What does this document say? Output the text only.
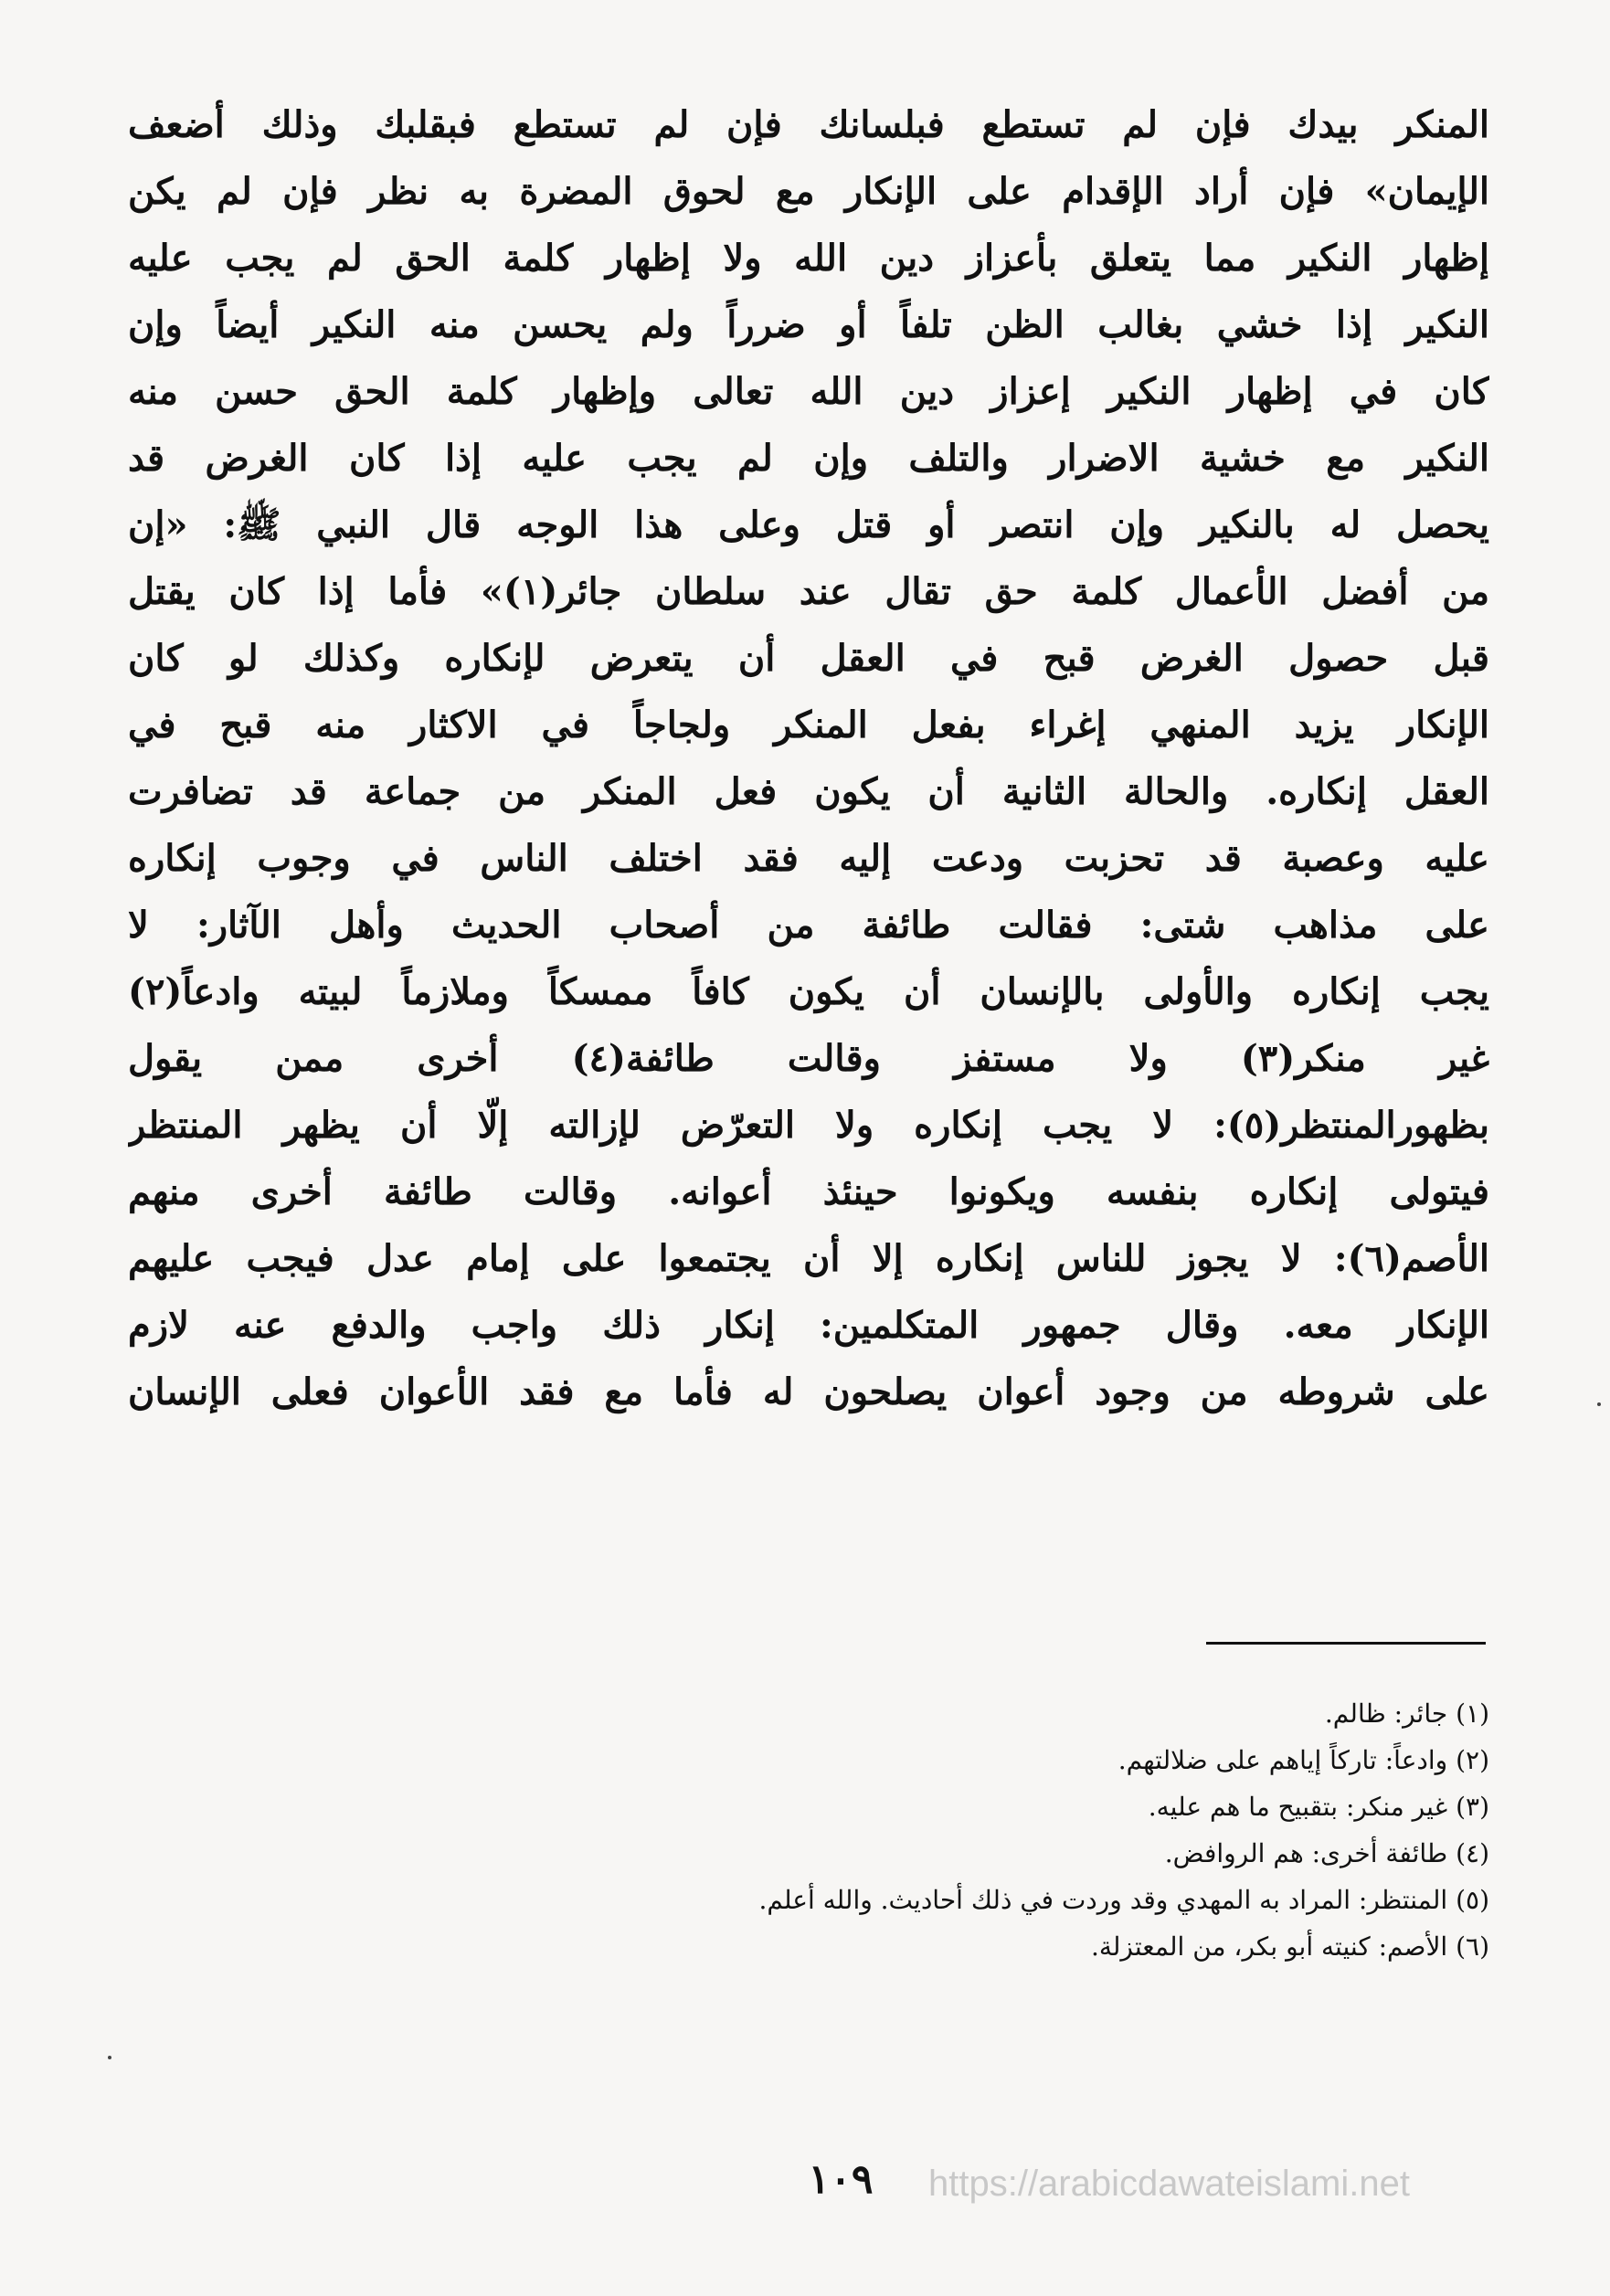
المنكر بيدك فإن لم تستطع فبلسانك فإن لم تستطع فبقلبك وذلك أضعف
الإيمان» فإن أراد الإقدام على الإنكار مع لحوق المضرة به نظر فإن لم يكن
إظهار النكير مما يتعلق بأعزاز دين الله ولا إظهار كلمة الحق لم يجب عليه
النكير إذا خشي بغالب الظن تلفاً أو ضرراً ولم يحسن منه النكير أيضاً وإن
كان في إظهار النكير إعزاز دين الله تعالى وإظهار كلمة الحق حسن منه
النكير مع خشية الاضرار والتلف وإن لم يجب عليه إذا كان الغرض قد
يحصل له بالنكير وإن انتصر أو قتل وعلى هذا الوجه قال النبي ﷺ: «إن
من أفضل الأعمال كلمة حق تقال عند سلطان جائر(١)» فأما إذا كان يقتل
قبل حصول الغرض قبح في العقل أن يتعرض لإنكاره وكذلك لو كان
الإنكار يزيد المنهي إغراء بفعل المنكر ولجاجاً في الاكثار منه قبح في
العقل إنكاره. والحالة الثانية أن يكون فعل المنكر من جماعة قد تضافرت
عليه وعصبة قد تحزبت ودعت إليه فقد اختلف الناس في وجوب إنكاره
على مذاهب شتى: فقالت طائفة من أصحاب الحديث وأهل الآثار: لا
يجب إنكاره والأولى بالإنسان أن يكون كافاً ممسكاً وملازماً لبيته وادعاً(٢)
غير منكر(٣) ولا مستفز وقالت طائفة(٤) أخرى ممن يقول
بظهورالمنتظر(٥): لا يجب إنكاره ولا التعرّض لإزالته إلّا أن يظهر المنتظر
فيتولى إنكاره بنفسه ويكونوا حينئذ أعوانه. وقالت طائفة أخرى منهم
الأصم(٦): لا يجوز للناس إنكاره إلا أن يجتمعوا على إمام عدل فيجب عليهم
الإنكار معه. وقال جمهور المتكلمين: إنكار ذلك واجب والدفع عنه لازم
على شروطه من وجود أعوان يصلحون له فأما مع فقد الأعوان فعلى الإنسان
(١) جائر: ظالم.
(٢) وادعاً: تاركاً إياهم على ضلالتهم.
(٣) غير منكر: بتقبيح ما هم عليه.
(٤) طائفة أخرى: هم الروافض.
(٥) المنتظر: المراد به المهدي وقد وردت في ذلك أحاديث. والله أعلم.
(٦) الأصم: كنيته أبو بكر، من المعتزلة.
١٠٩	https://arabicdawateislami.net
